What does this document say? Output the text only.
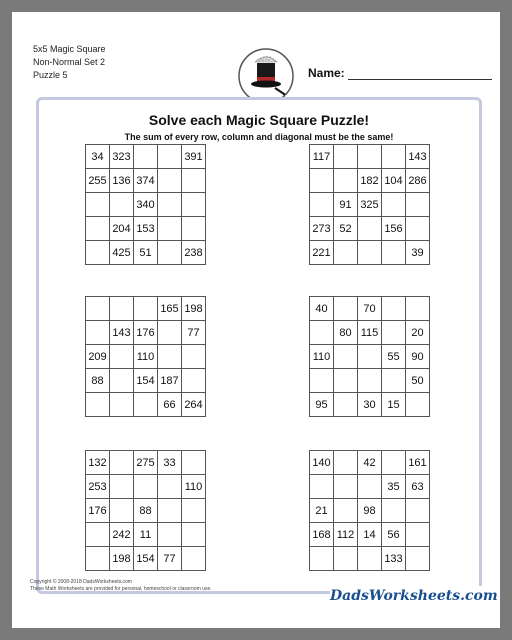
5x5 Magic Square
Non-Normal Set 2
Puzzle 5	Name:
Solve each Magic Square Puzzle!
The sum of every row, column and diagonal must be the same!
34	323			391
255	136	374		
		340		
	204	153		
	425	51		238
117				143
		182	104	286
	91	325		
273	52		156	
221				39
			165	198
	143	176		77
209		110		
88		154	187	
			66	264
40		70		
	80	115		20
110			55	90
				50
95		30	15	
132		275	33	
253				110
176		88		
	242	11		
	198	154	77	
140		42		161
			35	63
21		98		
168	112	14	56	
			133	
Copyright © 2008-2018 DadsWorksheets.com
These Math Worksheets are provided for personal, homeschool or classroom use.	DadsWorksheets.com
